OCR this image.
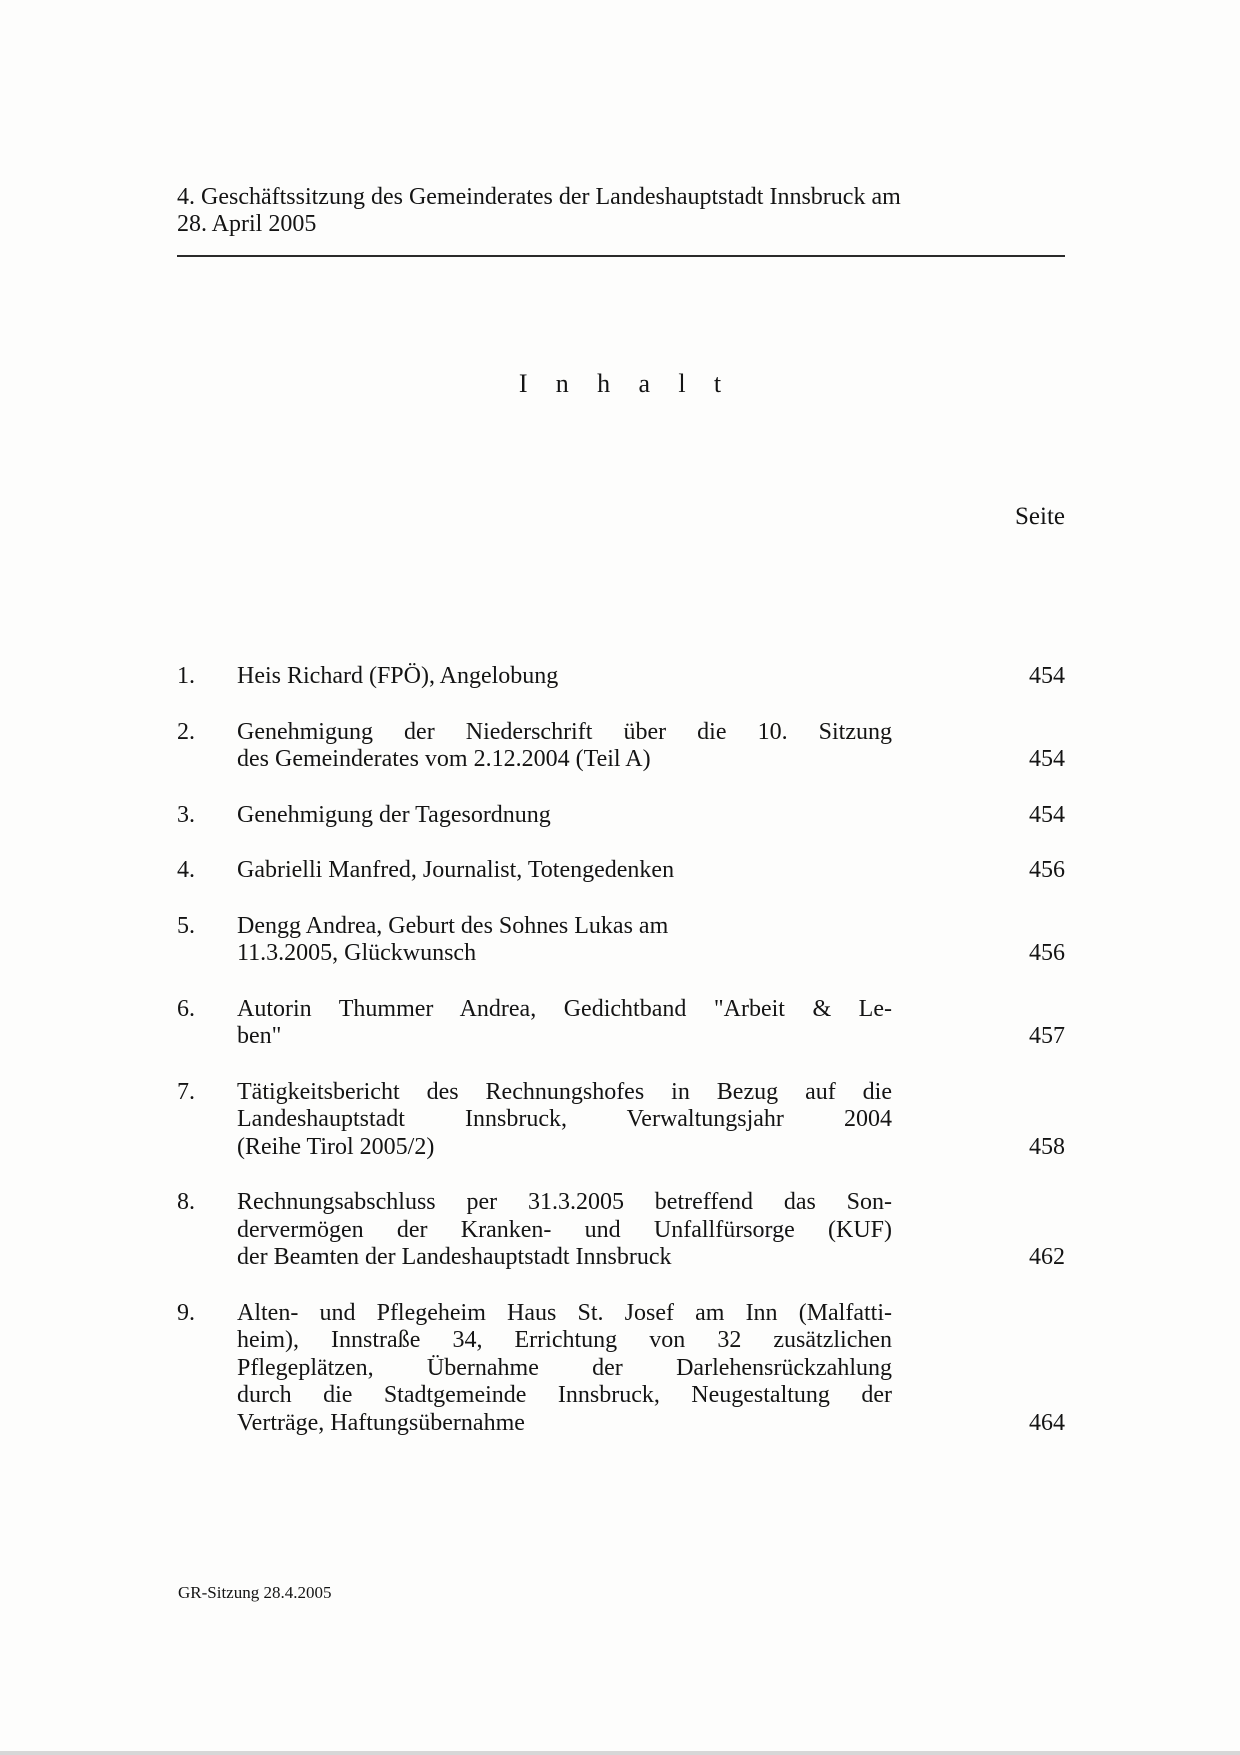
4. Geschäftssitzung des Gemeinderates der Landeshauptstadt Innsbruck am
28. April 2005
I n h a l t
Seite
1.	Heis Richard (FPÖ), Angelobung	454
2.	Genehmigung der Niederschrift über die 10. Sitzung
des Gemeinderates vom 2.12.2004 (Teil A)	454
3.	Genehmigung der Tagesordnung	454
4.	Gabrielli Manfred, Journalist, Totengedenken	456
5.	Dengg Andrea, Geburt des Sohnes Lukas am
11.3.2005, Glückwunsch	456
6.	Autorin Thummer Andrea, Gedichtband "Arbeit & Le-
ben"	457
7.	Tätigkeitsbericht des Rechnungshofes in Bezug auf die
Landeshauptstadt Innsbruck, Verwaltungsjahr 2004
(Reihe Tirol 2005/2)	458
8.	Rechnungsabschluss per 31.3.2005 betreffend das Son-
dervermögen der Kranken- und Unfallfürsorge (KUF)
der Beamten der Landeshauptstadt Innsbruck	462
9.	Alten- und Pflegeheim Haus St. Josef am Inn (Malfatti-
heim), Innstraße 34, Errichtung von 32 zusätzlichen
Pflegeplätzen, Übernahme der Darlehensrückzahlung
durch die Stadtgemeinde Innsbruck, Neugestaltung der
Verträge, Haftungsübernahme	464
GR-Sitzung 28.4.2005
